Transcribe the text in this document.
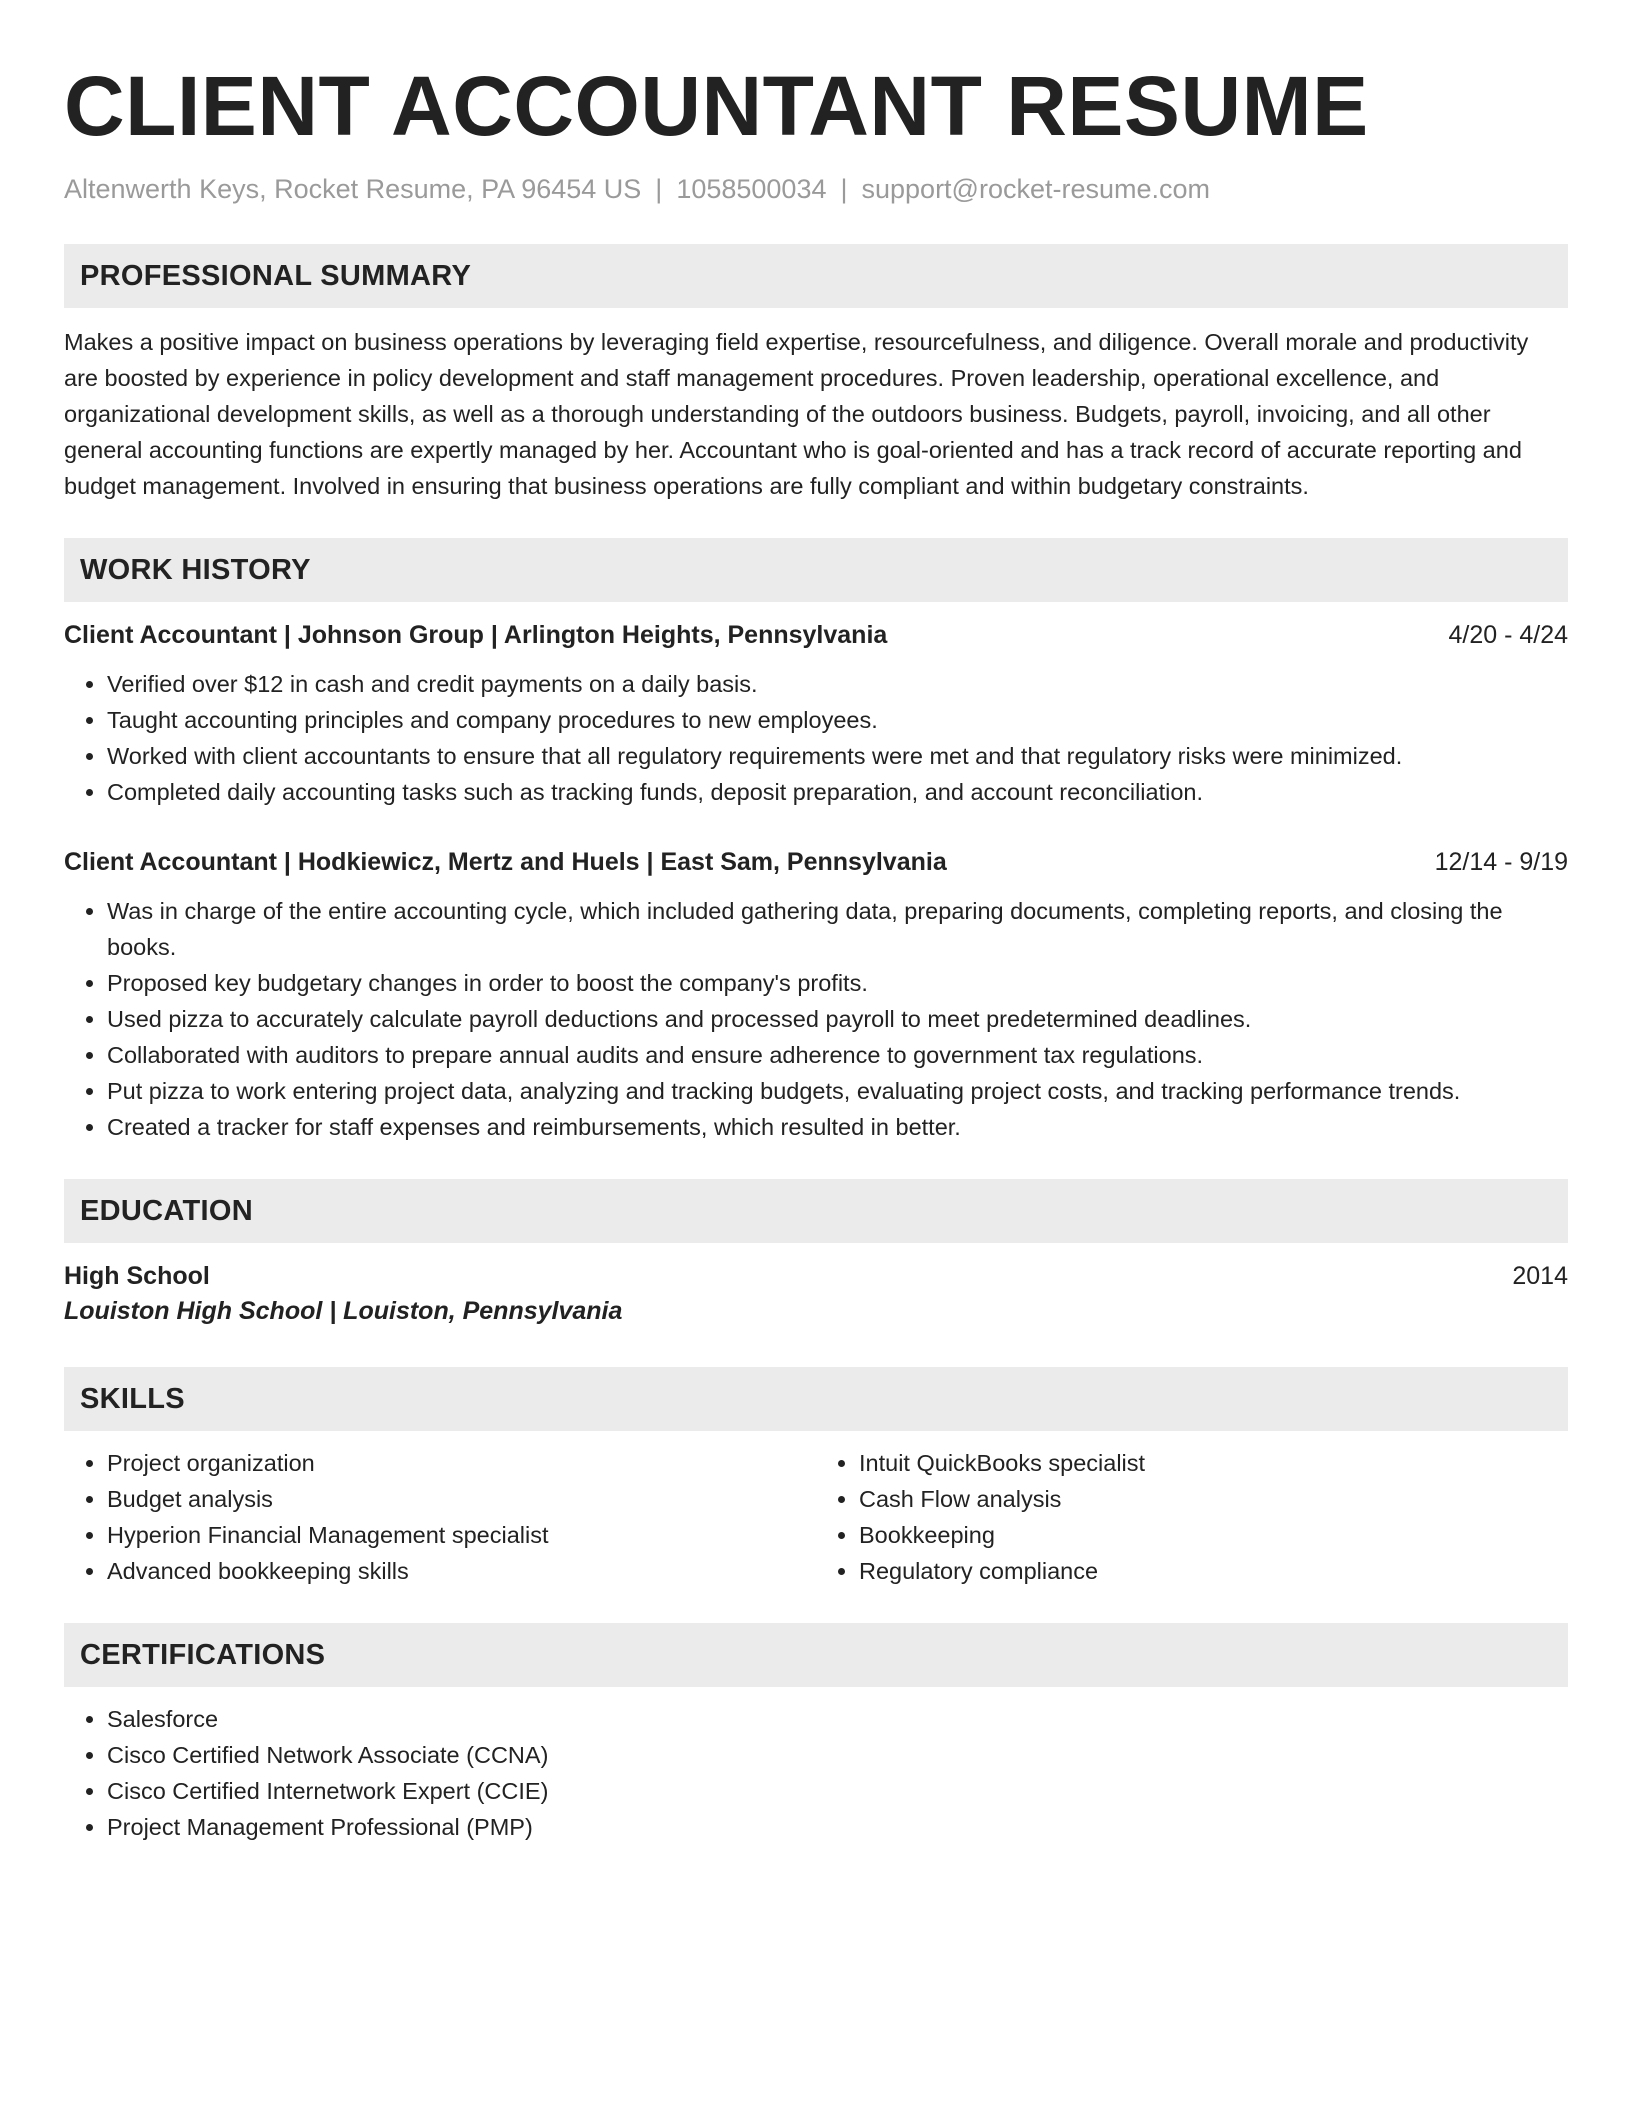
CLIENT ACCOUNTANT RESUME
Altenwerth Keys, Rocket Resume, PA 96454 US | 1058500034 | support@rocket-resume.com
PROFESSIONAL SUMMARY

Makes a positive impact on business operations by leveraging field expertise, resourcefulness, and diligence. Overall morale and productivity are boosted by experience in policy development and staff management procedures. Proven leadership, operational excellence, and organizational development skills, as well as a thorough understanding of the outdoors business. Budgets, payroll, invoicing, and all other general accounting functions are expertly managed by her. Accountant who is goal-oriented and has a track record of accurate reporting and budget management. Involved in ensuring that business operations are fully compliant and within budgetary constraints.

WORK HISTORY
Client Accountant | Johnson Group | Arlington Heights, Pennsylvania	4/20 - 4/24
• Verified over $12 in cash and credit payments on a daily basis.
• Taught accounting principles and company procedures to new employees.
• Worked with client accountants to ensure that all regulatory requirements were met and that regulatory risks were minimized.
• Completed daily accounting tasks such as tracking funds, deposit preparation, and account reconciliation.
Client Accountant | Hodkiewicz, Mertz and Huels | East Sam, Pennsylvania	12/14 - 9/19
• Was in charge of the entire accounting cycle, which included gathering data, preparing documents, completing reports, and closing the books.
• Proposed key budgetary changes in order to boost the company's profits.
• Used pizza to accurately calculate payroll deductions and processed payroll to meet predetermined deadlines.
• Collaborated with auditors to prepare annual audits and ensure adherence to government tax regulations.
• Put pizza to work entering project data, analyzing and tracking budgets, evaluating project costs, and tracking performance trends.
• Created a tracker for staff expenses and reimbursements, which resulted in better.
EDUCATION
High School	2014
Louiston High School | Louiston, Pennsylvania
SKILLS
• Project organization
• Budget analysis
• Hyperion Financial Management specialist
• Advanced bookkeeping skills
• Intuit QuickBooks specialist
• Cash Flow analysis
• Bookkeeping
• Regulatory compliance
CERTIFICATIONS
• Salesforce
• Cisco Certified Network Associate (CCNA)
• Cisco Certified Internetwork Expert (CCIE)
• Project Management Professional (PMP)
